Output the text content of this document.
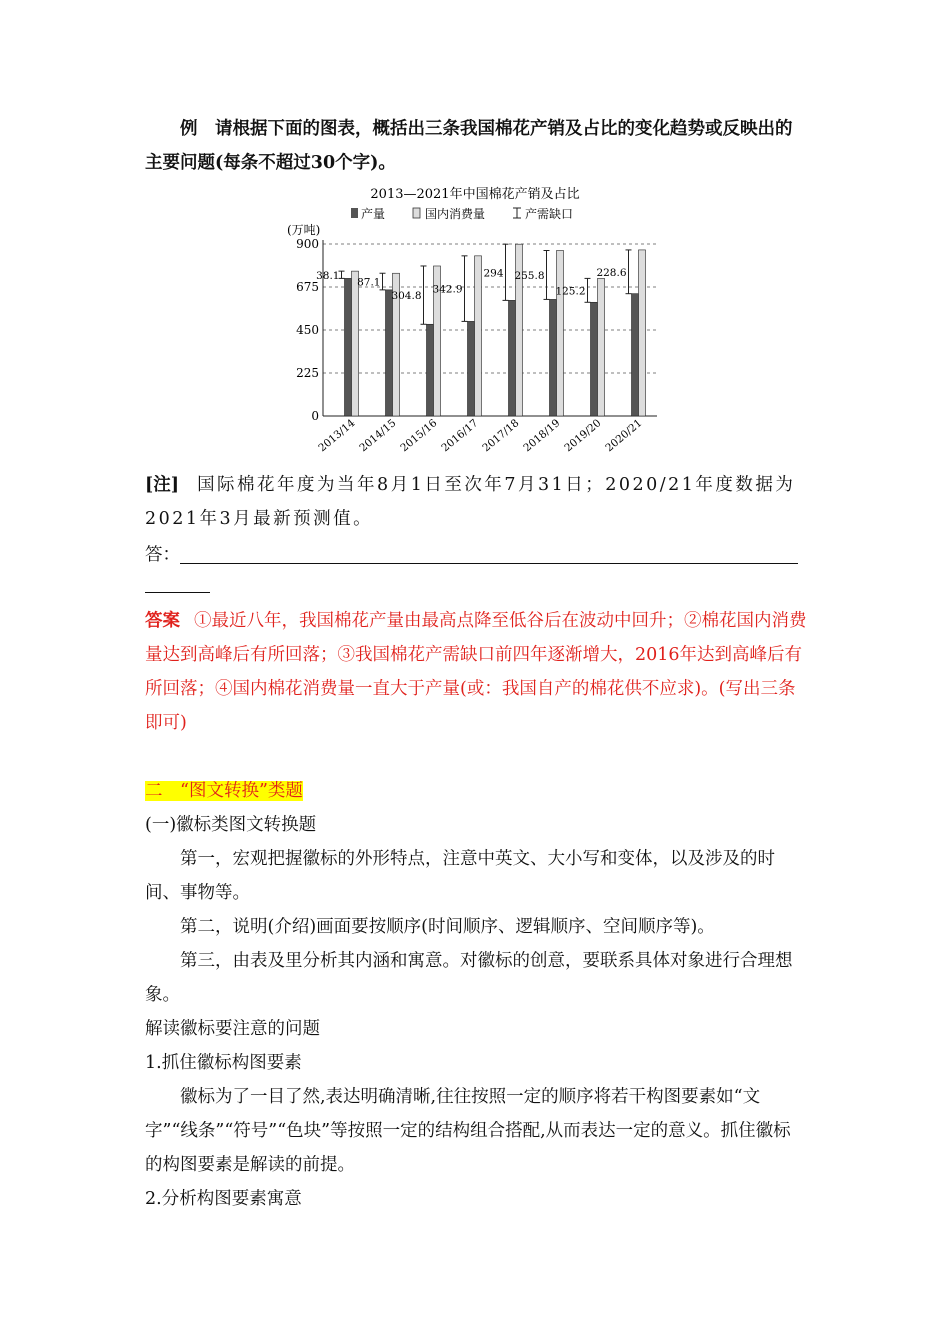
例　 请根据下面的图表，概括出三条我国棉花产销及占比的变化趋势或反映出的主要问题(每条不超过30个字)。

2013—2021年中国棉花产销及占比
产量	国内消费量	产需缺口
(万吨)
0
225
450
675
900
38.1
2013/14
87.1
2014/15
304.8
2015/16
342.9
2016/17
294
2017/18
255.8
2018/19
125.2
2019/20
228.6
2020/21

[注] 国际棉花年度为当年8月1日至次年7月31日；2020/21年度数据为2021年3月最新预测值。

答：

答案 ①最近八年，我国棉花产量由最高点降至低谷后在波动中回升；②棉花国内消费量达到高峰后有所回落；③我国棉花产需缺口前四年逐渐增大，2016年达到高峰后有所回落；④国内棉花消费量一直大于产量(或：我国自产的棉花供不应求)。(写出三条即可)

二　“图文转换”类题

(一)徽标类图文转换题

第一，宏观把握徽标的外形特点，注意中英文、大小写和变体，以及涉及的时间、事物等。

第二，说明(介绍)画面要按顺序(时间顺序、逻辑顺序、空间顺序等)。

第三，由表及里分析其内涵和寓意。对徽标的创意，要联系具体对象进行合理想象。

解读徽标要注意的问题

1.抓住徽标构图要素

徽标为了一目了然,表达明确清晰,往往按照一定的顺序将若干构图要素如“文字”“线条”“符号”“色块”等按照一定的结构组合搭配,从而表达一定的意义。抓住徽标的构图要素是解读的前提。

2.分析构图要素寓意
